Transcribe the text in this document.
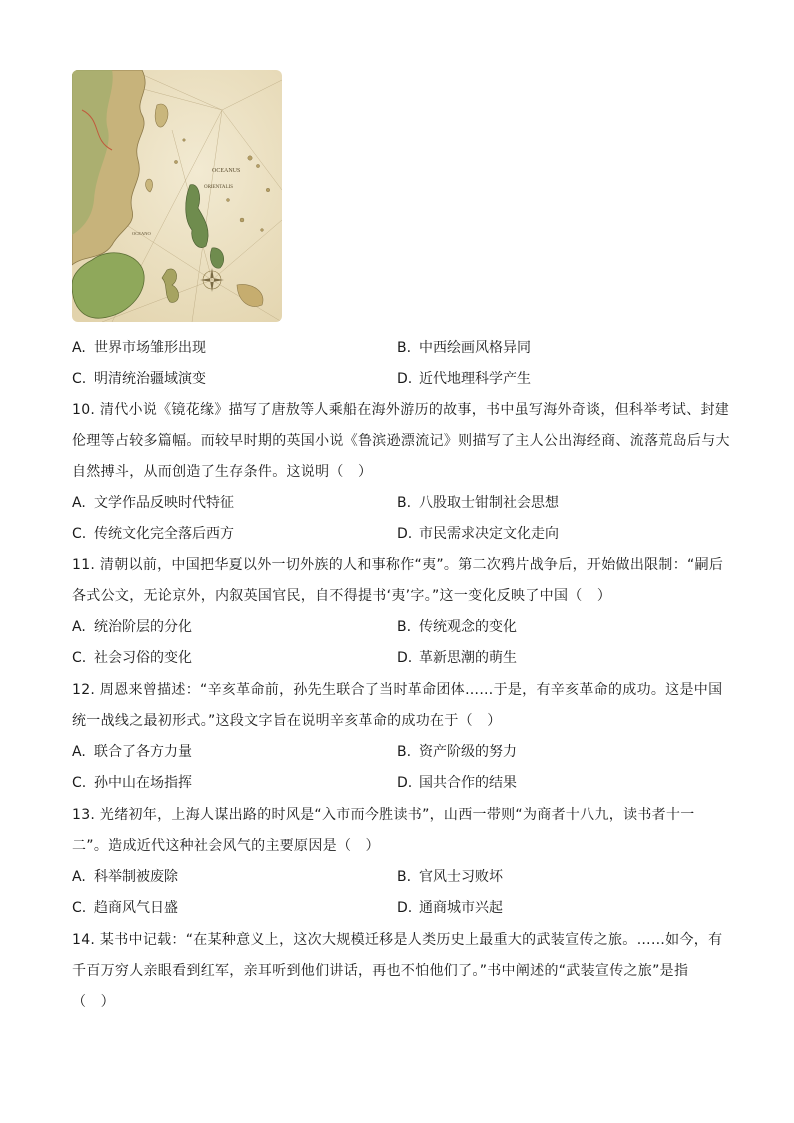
OCEANUS
ORIENTALIS
OCEANO
A. 世界市场雏形出现	B. 中西绘画风格异同
C. 明清统治疆域演变	D. 近代地理科学产生
10. 清代小说《镜花缘》描写了唐敖等人乘船在海外游历的故事，书中虽写海外奇谈，但科举考试、封建
伦理等占较多篇幅。而较早时期的英国小说《鲁滨逊漂流记》则描写了主人公出海经商、流落荒岛后与大
自然搏斗，从而创造了生存条件。这说明（　）
A. 文学作品反映时代特征	B. 八股取士钳制社会思想
C. 传统文化完全落后西方	D. 市民需求决定文化走向
11. 清朝以前，中国把华夏以外一切外族的人和事称作“夷”。第二次鸦片战争后，开始做出限制：“嗣后
各式公文，无论京外，内叙英国官民，自不得提书‘夷’字。”这一变化反映了中国（　）
A. 统治阶层的分化	B. 传统观念的变化
C. 社会习俗的变化	D. 革新思潮的萌生
12. 周恩来曾描述：“辛亥革命前，孙先生联合了当时革命团体……于是，有辛亥革命的成功。这是中国
统一战线之最初形式。”这段文字旨在说明辛亥革命的成功在于（　）
A. 联合了各方力量	B. 资产阶级的努力
C. 孙中山在场指挥	D. 国共合作的结果
13. 光绪初年，上海人谋出路的时风是“入市而今胜读书”，山西一带则“为商者十八九，读书者十一
二”。造成近代这种社会风气的主要原因是（　）
A. 科举制被废除	B. 官风士习败坏
C. 趋商风气日盛	D. 通商城市兴起
14. 某书中记载：“在某种意义上，这次大规模迁移是人类历史上最重大的武装宣传之旅。……如今，有
千百万穷人亲眼看到红军，亲耳听到他们讲话，再也不怕他们了。”书中阐述的“武装宣传之旅”是指
（　）
